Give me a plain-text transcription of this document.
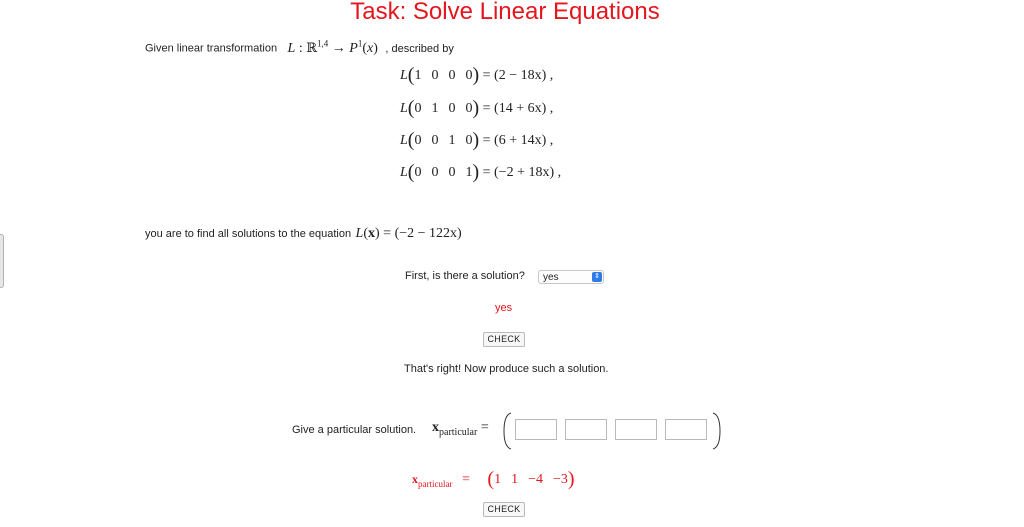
Task: Solve Linear Equations
Given linear transformation L : ℝ$^{1,4}$ → $P^1(x)$ , described by
L(1 0 0 0) = (2 − 18x) ,
L(0 1 0 0) = (14 + 6x) ,
L(0 0 1 0) = (6 + 14x) ,
L(0 0 0 1) = (−2 + 18x) ,
you are to find all solutions to the equation L(x) = (−2 − 122x)
First, is there a solution?	yes	⇕
yes
CHECK
That's right! Now produce such a solution.
Give a particular solution. $x_{particular}$ =
$x_{particular} = (1$ 1 −4 −3)
CHECK
